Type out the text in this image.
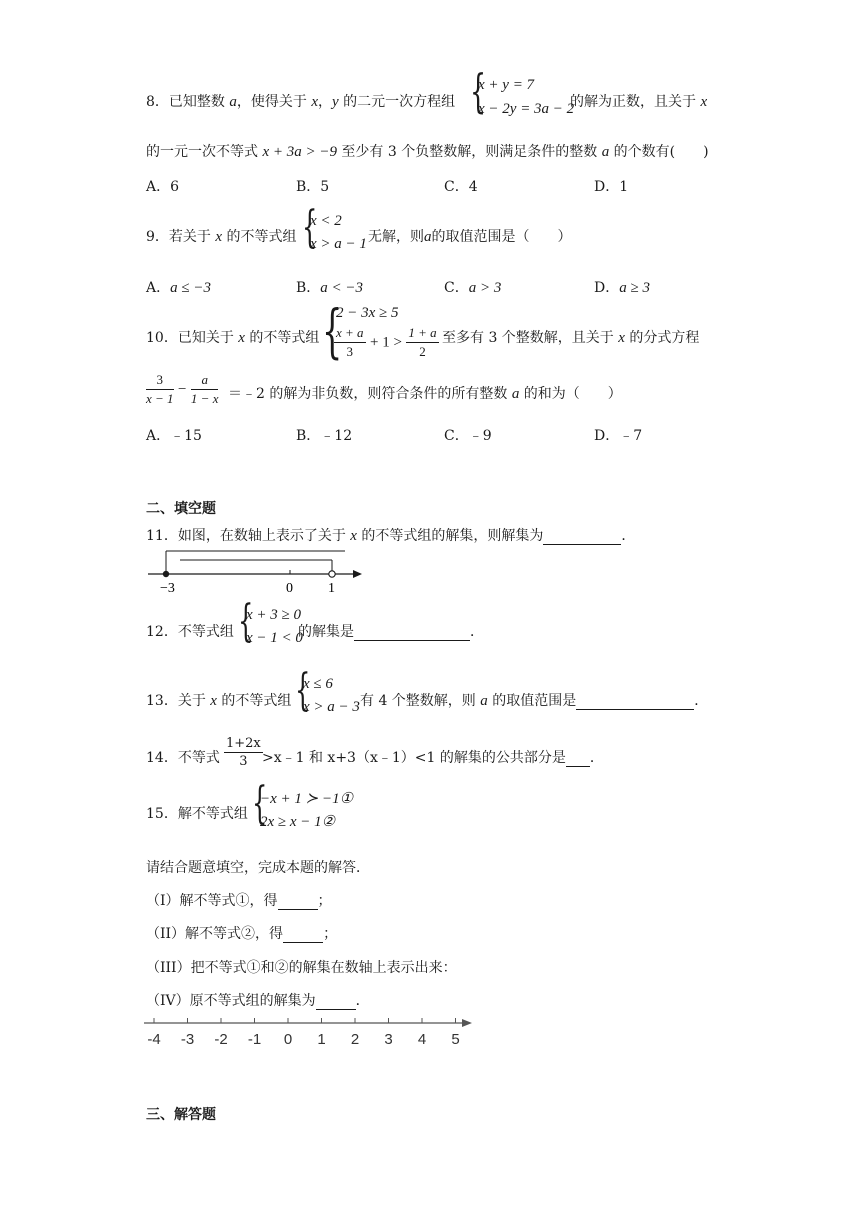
8．已知整数 a，使得关于 x，y 的二元一次方程组 {
x + y = 7
x − 2y = 3a − 2
的解为正数，且关于 x
的一元一次不等式 x + 3a > −9 至少有 3 个负整数解，则满足条件的整数 a 的个数有(　　)
A．6	B．5	C．4	D．1
9．若关于 x 的不等式组 {
x < 2
x > a − 1 无解，则a的取值范围是（　　）
A．a ≤ −3	B．a < −3	C．a > 3	D．a ≥ 3
10．已知关于 x 的不等式组 {
2 − 3x ≥ 5
$\frac{x + a}{3} + 1 > \frac{1 + a}{2}$ 至多有 3 个整数解，且关于 x 的分式方程
$\frac{3}{x - 1} - \frac{a}{1 - x}$ ＝﹣2 的解为非负数，则符合条件的所有整数 a 的和为（　　）
A．﹣15	B．﹣12	C．﹣9	D．﹣7
二、填空题
11．如图，在数轴上表示了关于 x 的不等式组的解集，则解集为	．
−3	0	1
12．不等式组 {
x + 3 ≥ 0
x − 1 < 0
的解集是	．
13．关于 x 的不等式组 {
x ≤ 6
x > a − 3 有 4 个整数解，则 a 的取值范围是	．
14．不等式 $\frac{1+2x}{3}$ >x﹣1 和 x+3（x﹣1）<1 的解集的公共部分是 ．
15．解不等式组 {
−x + 1 ≻ −1①
2x ≥ x − 1②
请结合题意填空，完成本题的解答．
（I）解不等式①，得	；
（II）解不等式②，得	；
（III）把不等式①和②的解集在数轴上表示出来：
（IV）原不等式组的解集为	．
-4 -3 -2 -1 0 1 2 3 4 5
三、解答题
